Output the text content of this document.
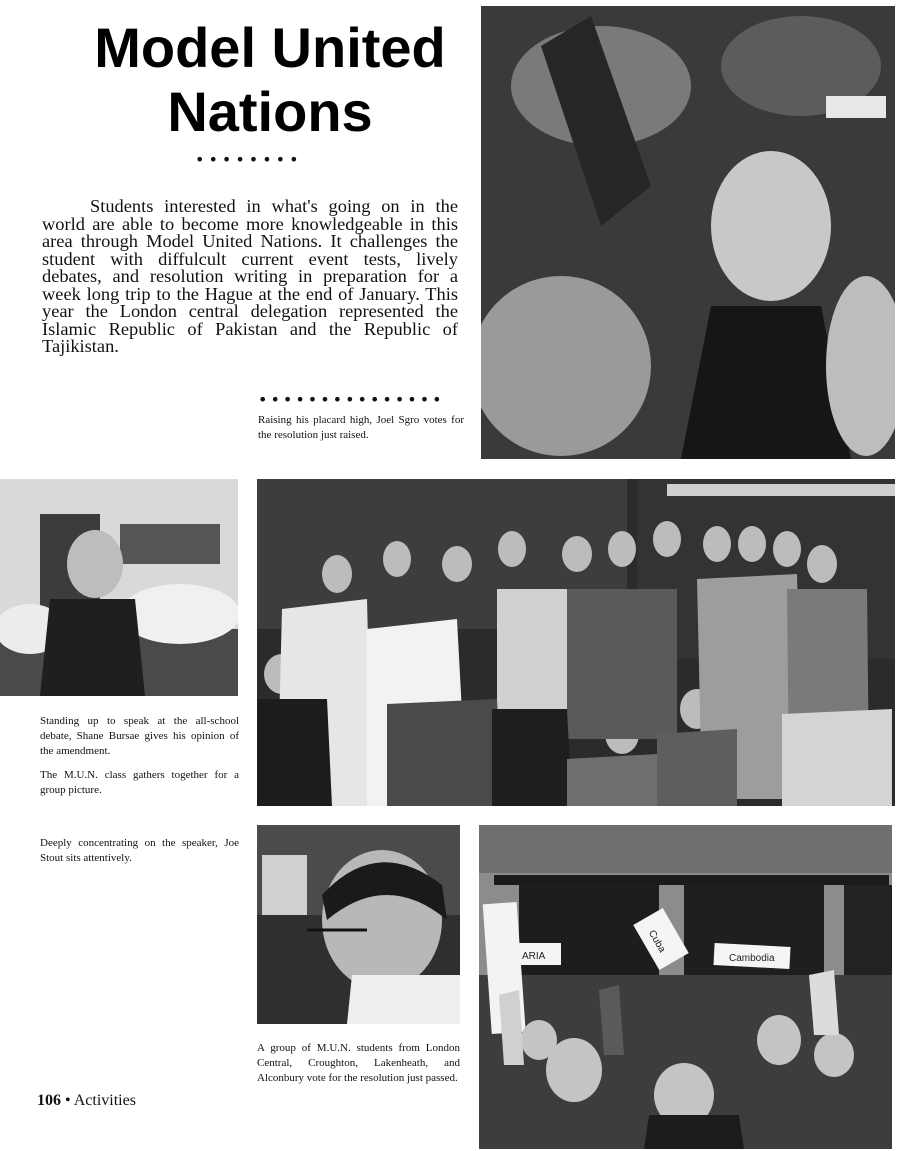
Model United
Nations
••••••••

Students interested in what's going on in the world are able to become more knowledgeable in this area through Model United Nations. It challenges the student with diffulcult current event tests, lively debates, and resolution writing in preparation for a week long trip to the Hague at the end of January. This year the London central delegation represented the Islamic Republic of Pakistan and the Republic of Tajikistan.

•••••••••••••••

Raising his placard high, Joel Sgro votes for the resolution just raised.

Standing up to speak at the all-school debate, Shane Bursae gives his opinion of the amendment.

The M.U.N. class gathers together for a group picture.

Deeply concentrating on the speaker, Joe Stout sits attentively.

A group of M.U.N. students from London Central, Croughton, Lakenheath, and Alconbury vote for the resolution just passed.

ARIA
Cuba
Cambodia
106 • Activities
